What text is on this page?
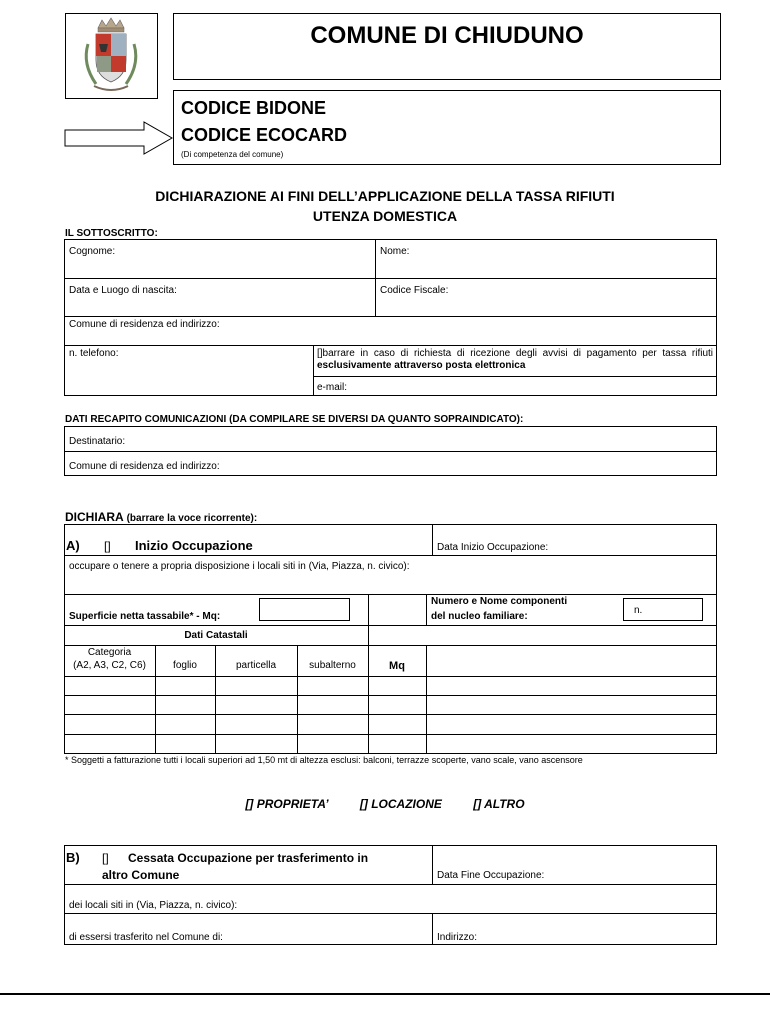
COMUNE DI CHIUDUNO
CODICE BIDONE
CODICE ECOCARD
(Di competenza del comune)
DICHIARAZIONE AI FINI DELL’APPLICAZIONE DELLA TASSA RIFIUTI
UTENZA DOMESTICA
IL SOTTOSCRITTO:
Cognome:	Nome:
Data e Luogo di nascita:	Codice Fiscale:
Comune di residenza ed indirizzo:
n. telefono:	[]barrare in caso di richiesta di ricezione degli avvisi di pagamento per tassa rifiuti esclusivamente attraverso posta elettronica
e-mail:
DATI RECAPITO COMUNICAZIONI (DA COMPILARE SE DIVERSI DA QUANTO SOPRAINDICATO):
Destinatario:
Comune di residenza ed indirizzo:
DICHIARA (barrare la voce ricorrente):
A) [] Inizio Occupazione	Data Inizio Occupazione:
occupare o tenere a propria disposizione i locali siti in (Via, Piazza, n. civico):
Superficie netta tassabile* - Mq:
Numero e Nome componenti
del nucleo familiare:
n.
Dati Catastali
Categoria
(A2, A3, C2, C6)	foglio	particella	subalterno	Mq
* Soggetti a fatturazione tutti i locali superiori ad 1,50 mt di altezza esclusi: balconi, terrazze scoperte, vano scale, vano ascensore
[] PROPRIETA’	[] LOCAZIONE	[] ALTRO
B) [] Cessata Occupazione per trasferimento in
altro Comune	Data Fine Occupazione:
dei locali siti in (Via, Piazza, n. civico):
di essersi trasferito nel Comune di:	Indirizzo:
